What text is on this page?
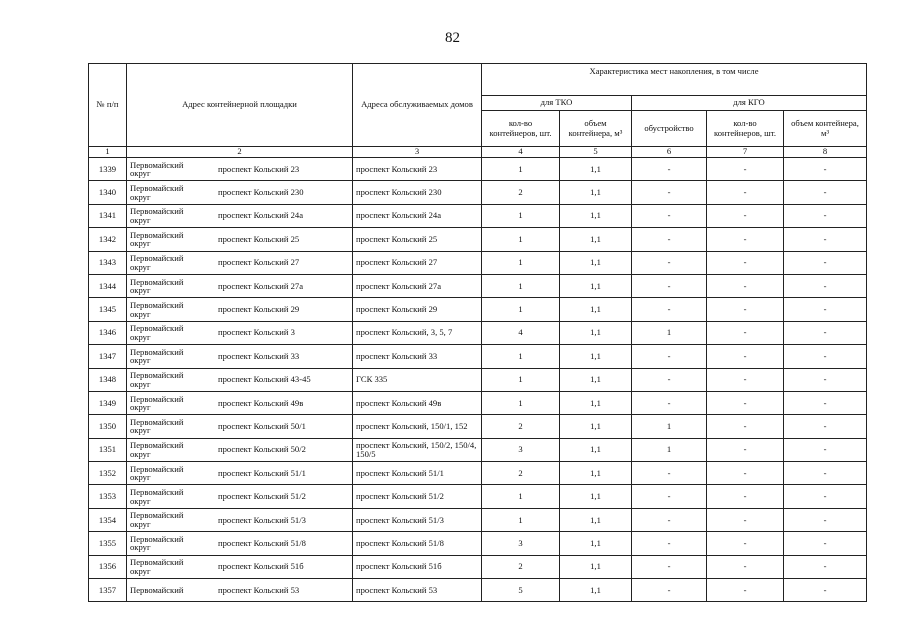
82
№ п/п	Адрес контейнерной площадки	Адреса обслуживаемых домов	Характеристика мест накопления, в том числе				
			для ТКО		для КГО		
			кол-во контейнеров, шт.	объем контейнера, м³	обустройство	кол-во контейнеров, шт.	объем контейнера, м³
1	2	3	4	5	6	7	8
1339	Первомайский округ проспект Кольский 23	проспект Кольский 23	1	1,1	-	-	-
1340	Первомайский округ проспект Кольский 230	проспект Кольский 230	2	1,1	-	-	-
1341	Первомайский округ проспект Кольский 24а	проспект Кольский 24а	1	1,1	-	-	-
1342	Первомайский округ проспект Кольский 25	проспект Кольский 25	1	1,1	-	-	-
1343	Первомайский округ проспект Кольский 27	проспект Кольский 27	1	1,1	-	-	-
1344	Первомайский округ проспект Кольский 27а	проспект Кольский 27а	1	1,1	-	-	-
1345	Первомайский округ проспект Кольский 29	проспект Кольский 29	1	1,1	-	-	-
1346	Первомайский округ проспект Кольский 3	проспект Кольский, 3, 5, 7	4	1,1	1	-	-
1347	Первомайский округ проспект Кольский 33	проспект Кольский 33	1	1,1	-	-	-
1348	Первомайский округ проспект Кольский 43-45	ГСК 335	1	1,1	-	-	-
1349	Первомайский округ проспект Кольский 49в	проспект Кольский 49в	1	1,1	-	-	-
1350	Первомайский округ проспект Кольский 50/1	проспект Кольский, 150/1, 152	2	1,1	1	-	-
1351	Первомайский округ проспект Кольский 50/2	проспект Кольский, 150/2, 150/4, 150/5	3	1,1	1	-	-
1352	Первомайский округ проспект Кольский 51/1	проспект Кольский 51/1	2	1,1	-	-	-
1353	Первомайский округ проспект Кольский 51/2	проспект Кольский 51/2	1	1,1	-	-	-
1354	Первомайский округ проспект Кольский 51/3	проспект Кольский 51/3	1	1,1	-	-	-
1355	Первомайский округ проспект Кольский 51/8	проспект Кольский 51/8	3	1,1	-	-	-
1356	Первомайский округ проспект Кольский 51б	проспект Кольский 51б	2	1,1	-	-	-
1357	Первомайский проспект Кольский 53	проспект Кольский 53	5	1,1	-	-	-
